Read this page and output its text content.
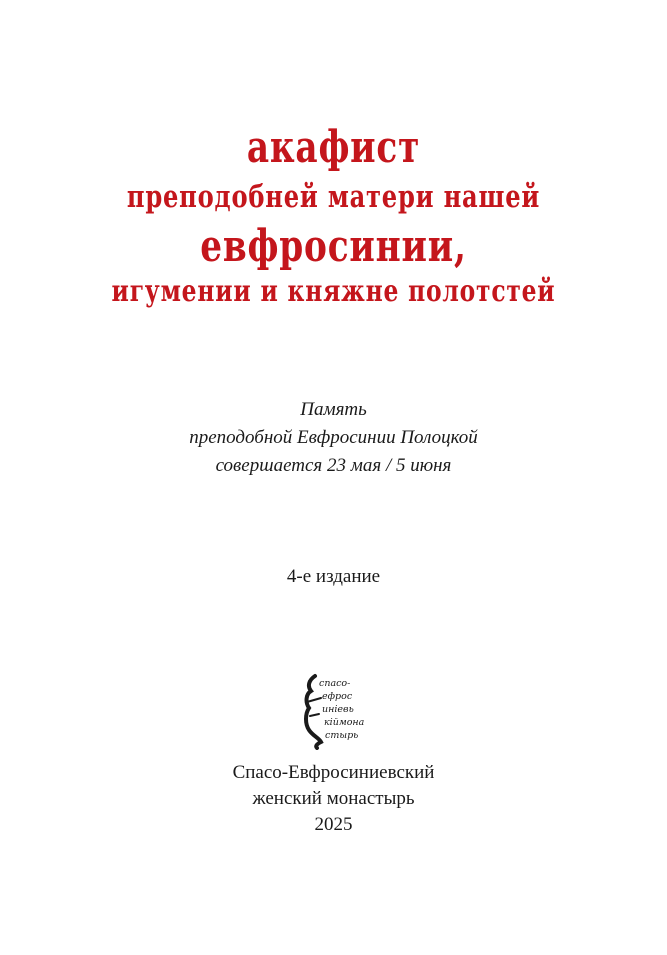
акафист
преподобней матери нашей
евфросинии,
игумении и княжне полотстей
Память
преподобной Евфросинии Полоцкой
совершается 23 мая / 5 июня
4-е издание
спасо-
ефрос
иніевь
кіймона
стырь
Спасо-Евфросиниевский
женский монастырь
2025
